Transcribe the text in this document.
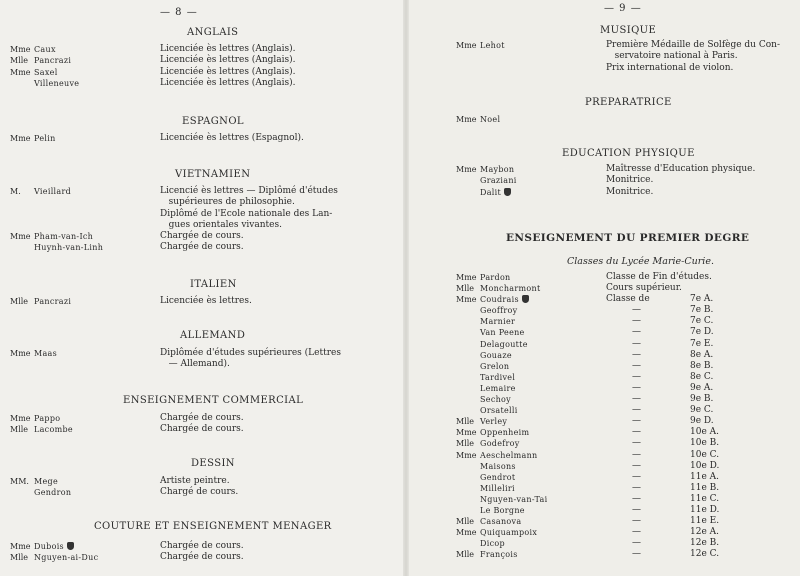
— 8 —
ANGLAIS
Mme Caux	Licenciée ès lettres (Anglais).
Mlle Pancrazi	Licenciée ès lettres (Anglais).
Mme Saxel	Licenciée ès lettres (Anglais).
Villeneuve	Licenciée ès lettres (Anglais).
ESPAGNOL
Mme Pelin	Licenciée ès lettres (Espagnol).
VIETNAMIEN
M.	Vieillard	Licencié ès lettres — Diplômé d'études
supérieures de philosophie.
Diplômé de l'Ecole nationale des Lan-
gues orientales vivantes.
Mme Pham-van-Ich	Chargée de cours.
Huynh-van-Linh	Chargée de cours.
ITALIEN
Mlle Pancrazi	Licenciée ès lettres.
ALLEMAND
Mme Maas	Diplômée d'études supérieures (Lettres
— Allemand).
ENSEIGNEMENT COMMERCIAL
Mme Pappo	Chargée de cours.
Mlle Lacombe	Chargée de cours.
DESSIN
MM. Mege	Artiste peintre.
Gendron	Chargé de cours.
COUTURE ET ENSEIGNEMENT MENAGER
Mme Dubois	Chargée de cours.
Mlle Nguyen-ai-Duc	Chargée de cours.
— 9 —
MUSIQUE
Mme Lehot	Première Médaille de Solfège du Con-
servatoire national à Paris.
Prix international de violon.
PREPARATRICE
Mme Noel
EDUCATION PHYSIQUE
Mme Maybon	Maîtresse d'Education physique.
Graziani	Monitrice.
Dalit	Monitrice.
ENSEIGNEMENT DU PREMIER DEGRE
Classes du Lycée Marie-Curie.
Mme Pardon	Classe de Fin d'études.
Mlle Moncharmont	Cours supérieur.
Mme Coudrais	Classe de	7e A.
Geoffroy	—	7e B.
Marnier	—	7e C.
Van Peene	—	7e D.
Delagoutte	—	7e E.
Gouaze	—	8e A.
Grelon	—	8e B.
Tardivel	—	8e C.
Lemaire	—	9e A.
Sechoy	—	9e B.
Orsatelli	—	9e C.
Mlle Verley	—	9e D.
Mme Oppenheim	—	10e A.
Mlle Godefroy	—	10e B.
Mme Aeschelmann	—	10e C.
Maisons	—	10e D.
Gendrot	—	11e A.
Milleliri	—	11e B.
Nguyen-van-Tai	—	11e C.
Le Borgne	—	11e D.
Mlle Casanova	—	11e E.
Mme Quiquampoix	—	12e A.
Dicop	—	12e B.
Mlle François	—	12e C.
